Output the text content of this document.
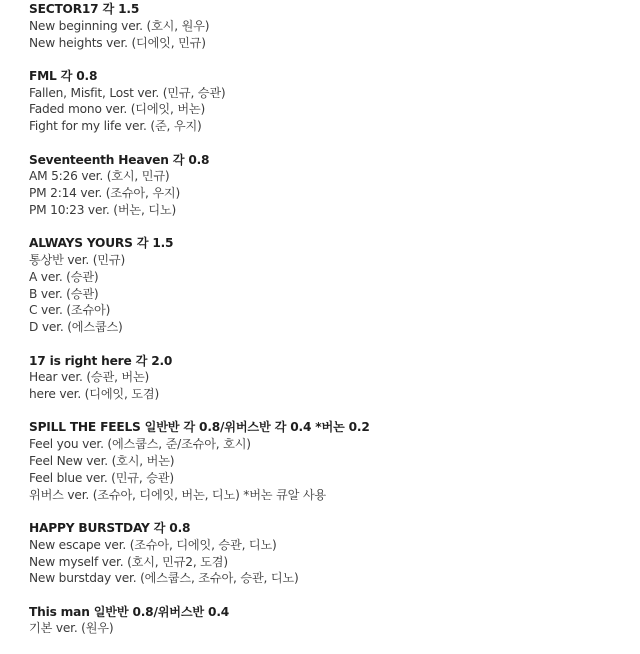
SECTOR17 각 1.5
New beginning ver. (호시, 원우)
New heights ver. (디에잇, 민규)
FML 각 0.8
Fallen, Misfit, Lost ver. (민규, 승관)
Faded mono ver. (디에잇, 버논)
Fight for my life ver. (준, 우지)
Seventeenth Heaven 각 0.8
AM 5:26 ver. (호시, 민규)
PM 2:14 ver. (조슈아, 우지)
PM 10:23 ver. (버논, 디노)
ALWAYS YOURS 각 1.5
통상반 ver. (민규)
A ver. (승관)
B ver. (승관)
C ver. (조슈아)
D ver. (에스쿱스)
17 is right here 각 2.0
Hear ver. (승관, 버논)
here ver. (디에잇, 도겸)
SPILL THE FEELS 일반반 각 0.8/위버스반 각 0.4 *버논 0.2
Feel you ver. (에스쿱스, 준/조슈아, 호시)
Feel New ver. (호시, 버논)
Feel blue ver. (민규, 승관)
위버스 ver. (조슈아, 디에잇, 버논, 디노) *버논 큐알 사용
HAPPY BURSTDAY 각 0.8
New escape ver. (조슈아, 디에잇, 승관, 디노)
New myself ver. (호시, 민규2, 도겸)
New burstday ver. (에스쿱스, 조슈아, 승관, 디노)
This man 일반반 0.8/위버스반 0.4
기본 ver. (원우)
